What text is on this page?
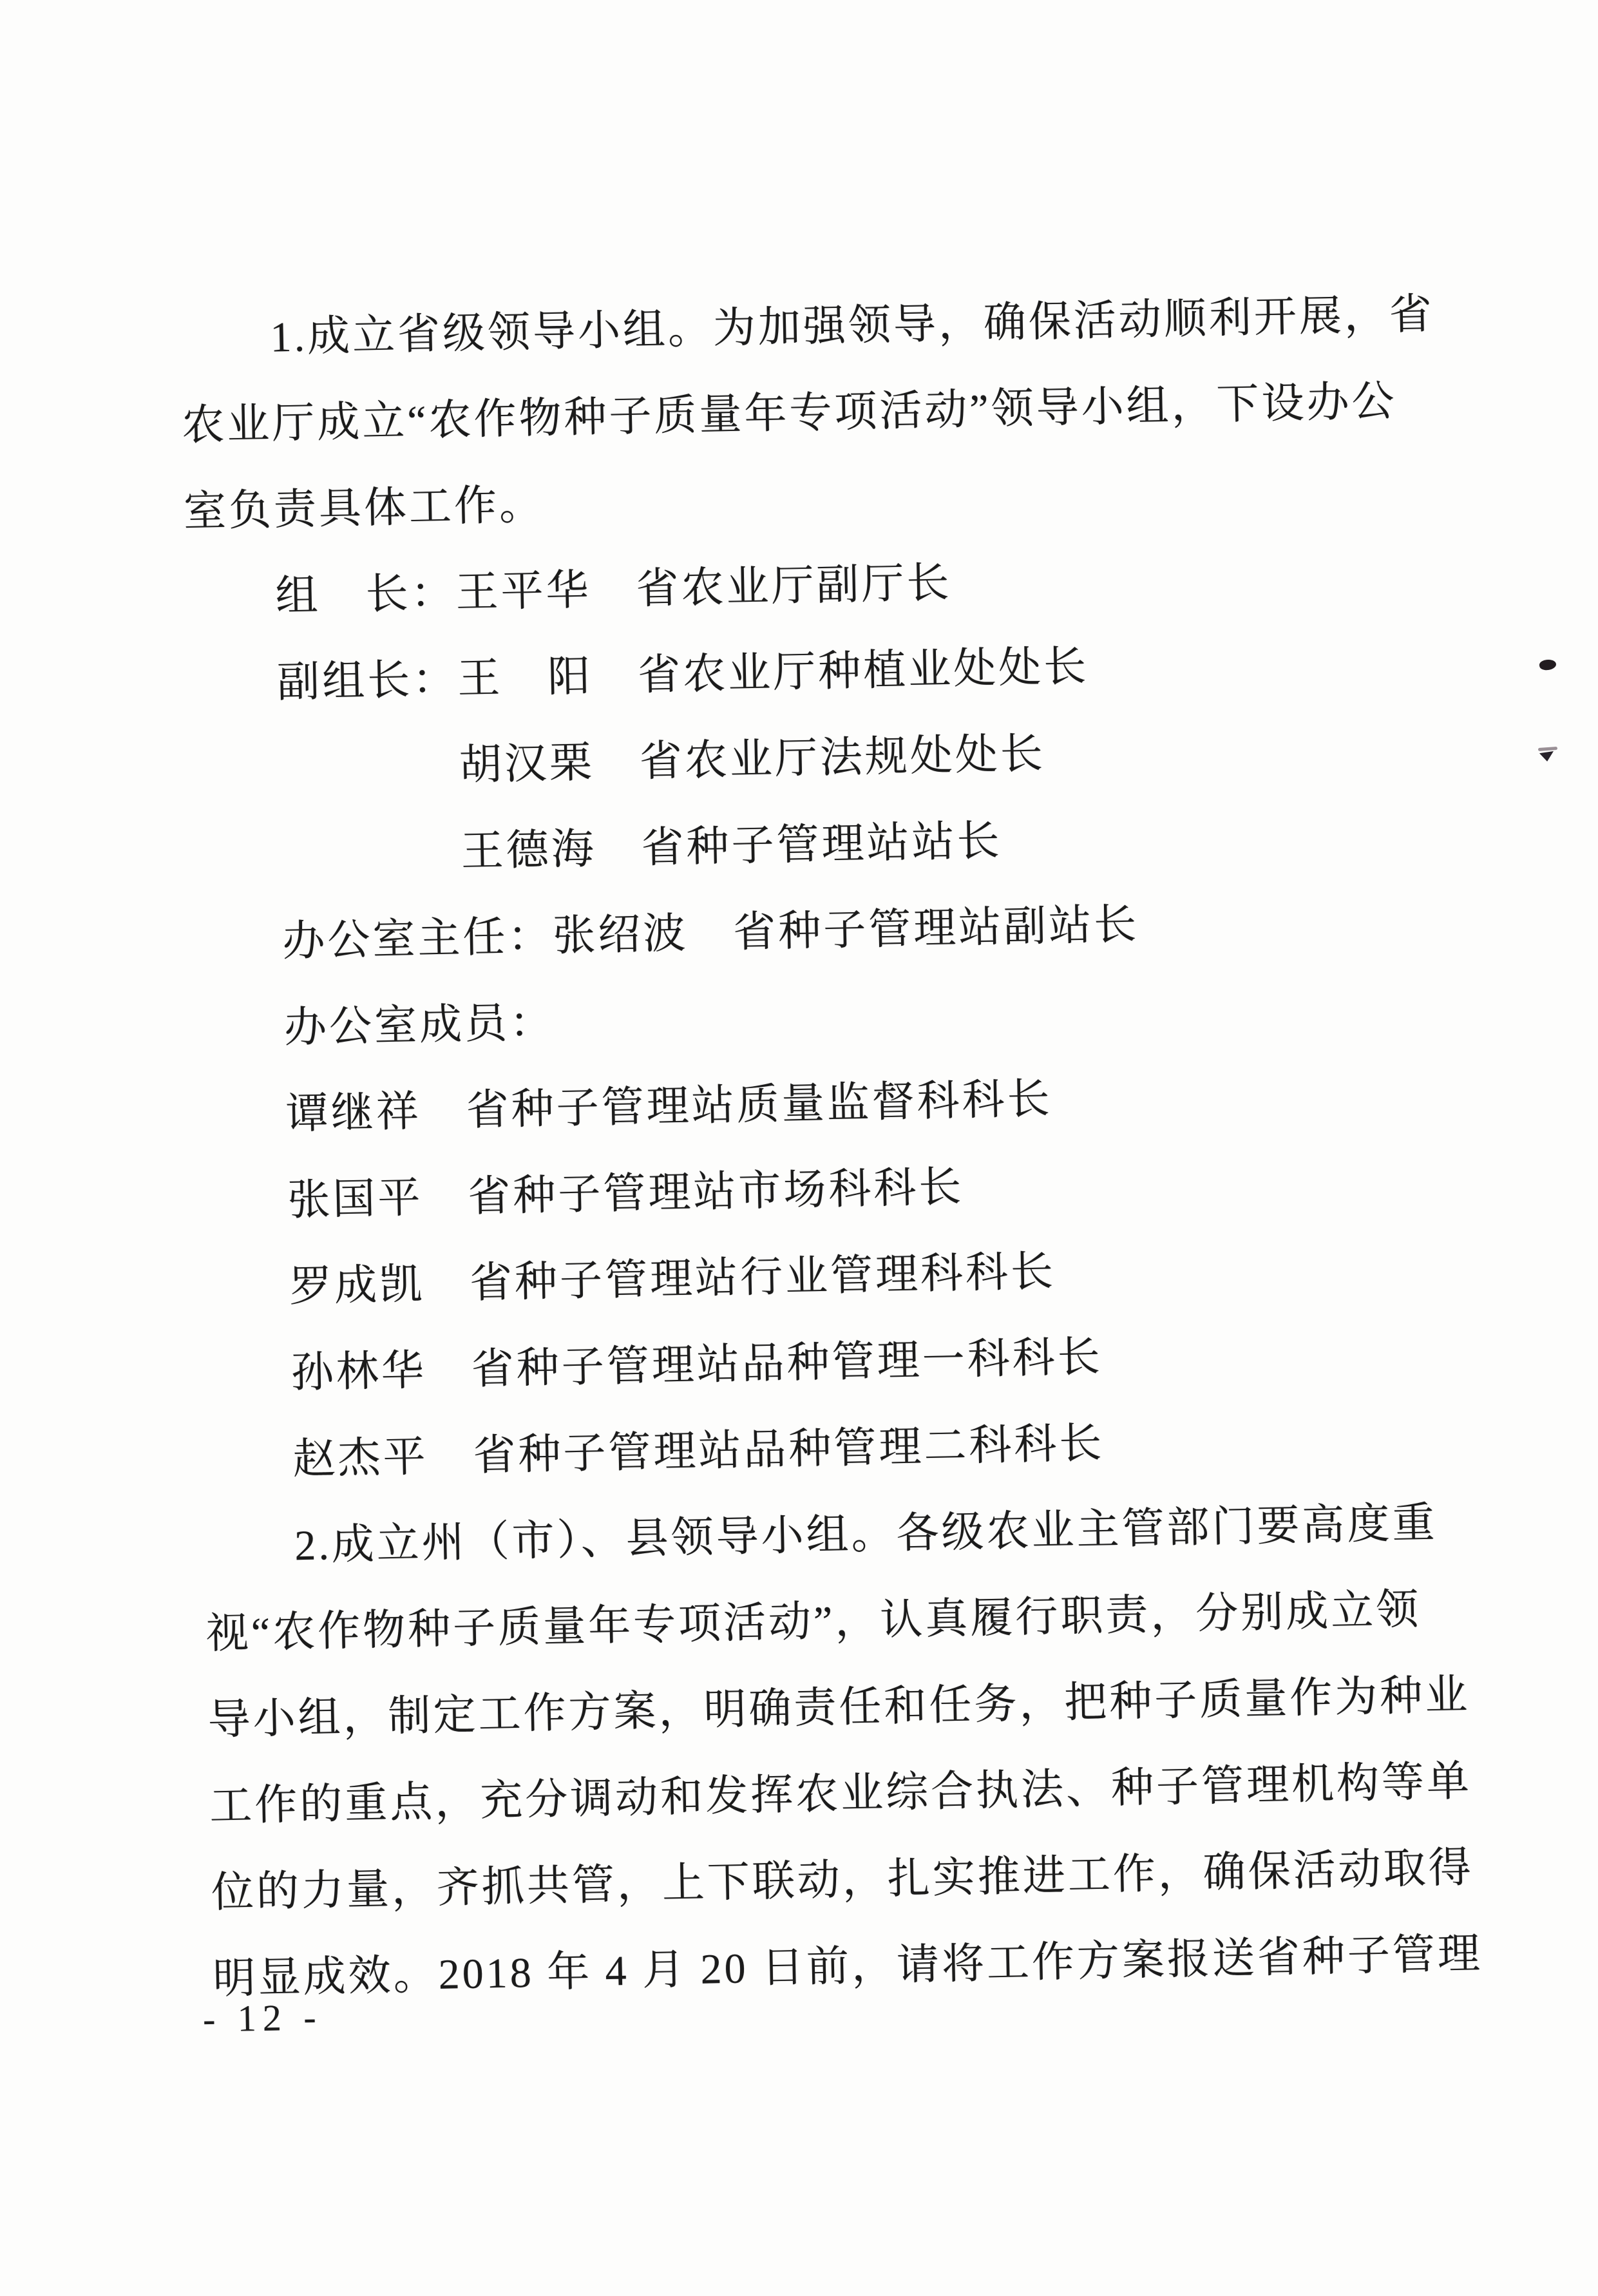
1.成立省级领导小组。为加强领导，确保活动顺利开展，省
农业厅成立“农作物种子质量年专项活动”领导小组，下设办公
室负责具体工作。
组　长：王平华　省农业厅副厅长
副组长：王　阳　省农业厅种植业处处长
胡汉栗　省农业厅法规处处长
王德海　省种子管理站站长
办公室主任：张绍波　省种子管理站副站长
办公室成员：
谭继祥　省种子管理站质量监督科科长
张国平　省种子管理站市场科科长
罗成凯　省种子管理站行业管理科科长
孙林华　省种子管理站品种管理一科科长
赵杰平　省种子管理站品种管理二科科长
2.成立州（市）、县领导小组。各级农业主管部门要高度重
视“农作物种子质量年专项活动”，认真履行职责，分别成立领
导小组，制定工作方案，明确责任和任务，把种子质量作为种业
工作的重点，充分调动和发挥农业综合执法、种子管理机构等单
位的力量，齐抓共管，上下联动，扎实推进工作，确保活动取得
明显成效。2018 年 4 月 20 日前，请将工作方案报送省种子管理
- 12 -
